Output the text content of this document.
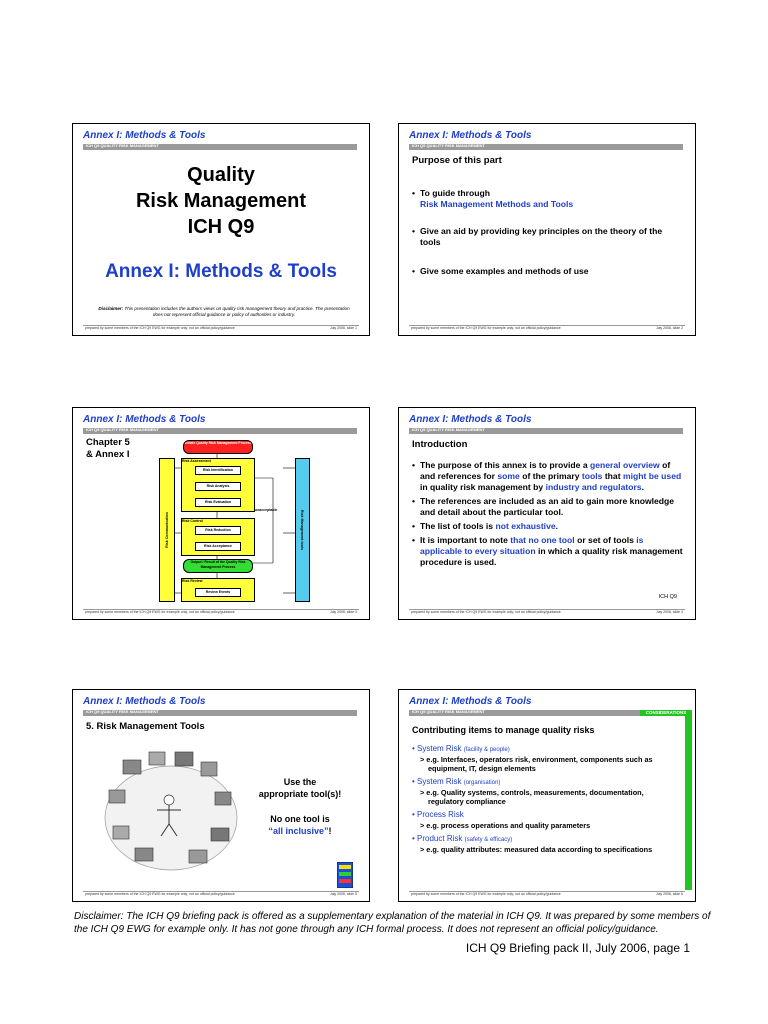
Annex I: Methods & Tools
ICH Q9 QUALITY RISK MANAGEMENT
Quality
Risk Management
ICH Q9
Annex I: Methods & Tools
Disclaimer: This presentation includes the authors views on quality risk management theory and practice. The presentation does not represent official guidance or policy of authorities or industry.
prepared by some members of the ICH Q9 EWG for example only; not an official policy/guidance	July 2006, slide 1
Annex I: Methods & Tools
ICH Q9 QUALITY RISK MANAGEMENT
Purpose of this part
• To guide through
Risk Management Methods and Tools
• Give an aid by providing key principles on the theory of the tools
• Give some examples and methods of use
prepared by some members of the ICH Q9 EWG for example only; not an official policy/guidance	July 2006, slide 2
Annex I: Methods & Tools
ICH Q9 QUALITY RISK MANAGEMENT
Chapter 5
& Annex I
Initiate Quality Risk Management Process
Risk Communication	Risk Management tools
Risk Assessment
Risk Identification
Risk Analysis
Risk Evaluation
unacceptable
Risk Control
Risk Reduction
Risk Acceptance
Output / Result of the Quality Risk Management Process
Risk Review
Review Events
prepared by some members of the ICH Q9 EWG for example only; not an official policy/guidance	July 2006, slide 3
Annex I: Methods & Tools
ICH Q9 QUALITY RISK MANAGEMENT
Introduction
• The purpose of this annex is to provide a general overview of and references for some of the primary tools that might be used in quality risk management by industry and regulators.
• The references are included as an aid to gain more knowledge and detail about the particular tool.
• The list of tools is not exhaustive.
• It is important to note that no one tool or set of tools is applicable to every situation in which a quality risk management procedure is used.
ICH Q9
prepared by some members of the ICH Q9 EWG for example only; not an official policy/guidance	July 2006, slide 4
Annex I: Methods & Tools
ICH Q9 QUALITY RISK MANAGEMENT
5. Risk Management Tools
Use the
appropriate tool(s)!
No one tool is
“all inclusive”!
prepared by some members of the ICH Q9 EWG for example only; not an official policy/guidance	July 2006, slide 5
Annex I: Methods & Tools
ICH Q9 QUALITY RISK MANAGEMENT	CONSIDERATIONS
Contributing items to manage quality risks
• System Risk (facility & people)
> e.g. Interfaces, operators risk, environment, components such as equipment, IT, design elements
• System Risk (organisation)
> e.g. Quality systems, controls, measurements, documentation, regulatory compliance
• Process Risk
> e.g. process operations and quality parameters
• Product Risk (safety & efficacy)
> e.g. quality attributes: measured data according to specifications
prepared by some members of the ICH Q9 EWG for example only; not an official policy/guidance	July 2006, slide 6
Disclaimer: The ICH Q9 briefing pack is offered as a supplementary explanation of the material in ICH Q9. It was prepared by some members of the ICH Q9 EWG for example only. It has not gone through any ICH formal process. It does not represent an official policy/guidance.
ICH Q9 Briefing pack II, July 2006, page 1
